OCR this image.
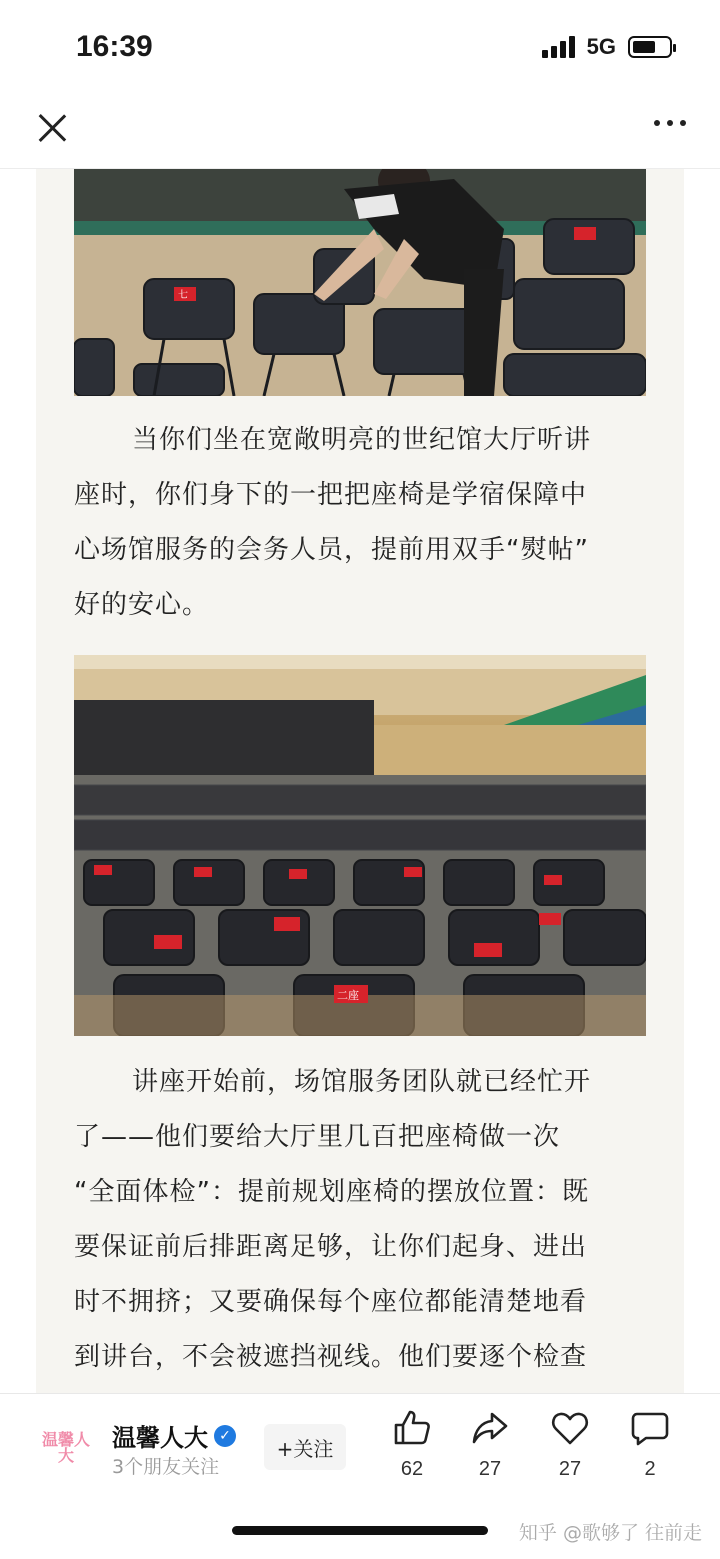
16:39	5G
七
当你们坐在宽敞明亮的世纪馆大厅听讲
座时，你们身下的一把把座椅是学宿保障中
心场馆服务的会务人员，提前用双手“熨帖”
好的安心。
二座
讲座开始前，场馆服务团队就已经忙开
了——他们要给大厅里几百把座椅做一次
“全面体检”：提前规划座椅的摆放位置：既
要保证前后排距离足够，让你们起身、进出
时不拥挤；又要确保每个座位都能清楚地看
到讲台，不会被遮挡视线。他们要逐个检查
温馨人大
温馨人大 ✓
3个朋友关注
+关注
62	27	27	2
知乎 @歌够了 往前走
